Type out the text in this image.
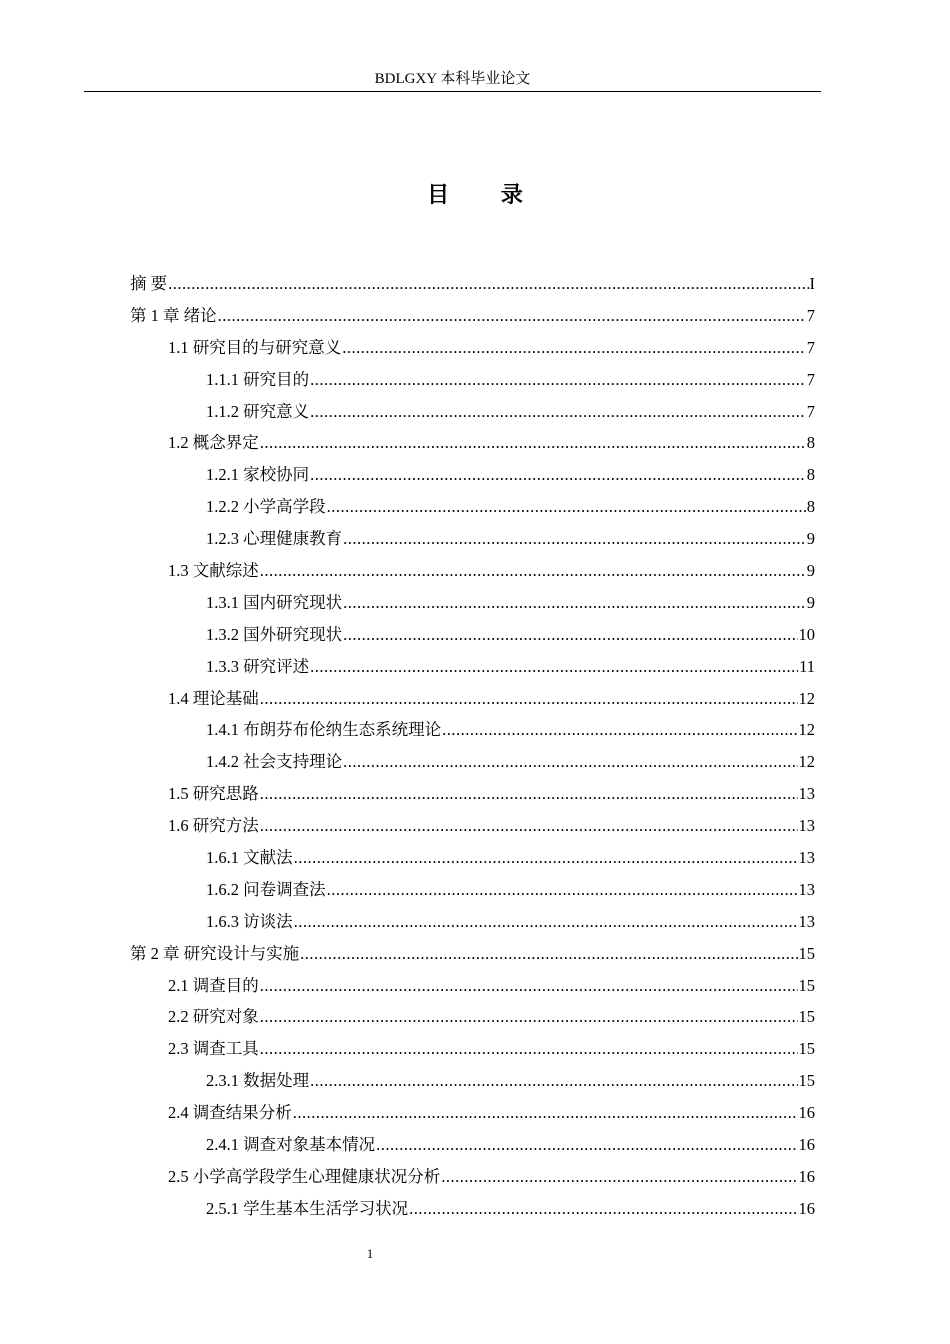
BDLGXY 本科毕业论文
目 录
摘 要 .....	I
第 1 章 绪论 .....	7
1.1 研究目的与研究意义 .....	7
1.1.1 研究目的 .....	7
1.1.2 研究意义 .....	7
1.2 概念界定 .....	8
1.2.1 家校协同 .....	8
1.2.2 小学高学段 .....	8
1.2.3 心理健康教育 .....	9
1.3 文献综述 .....	9
1.3.1 国内研究现状 .....	9
1.3.2 国外研究现状 .....	10
1.3.3 研究评述 .....	11
1.4 理论基础 .....	12
1.4.1 布朗芬布伦纳生态系统理论 .....	12
1.4.2 社会支持理论 .....	12
1.5 研究思路 .....	13
1.6 研究方法 .....	13
1.6.1 文献法 .....	13
1.6.2 问卷调查法 .....	13
1.6.3 访谈法 .....	13
第 2 章 研究设计与实施 .....	15
2.1 调查目的 .....	15
2.2 研究对象 .....	15
2.3 调查工具 .....	15
2.3.1 数据处理 .....	15
2.4 调查结果分析 .....	16
2.4.1 调查对象基本情况 .....	16
2.5 小学高学段学生心理健康状况分析 .....	16
2.5.1 学生基本生活学习状况 .....	16
1
